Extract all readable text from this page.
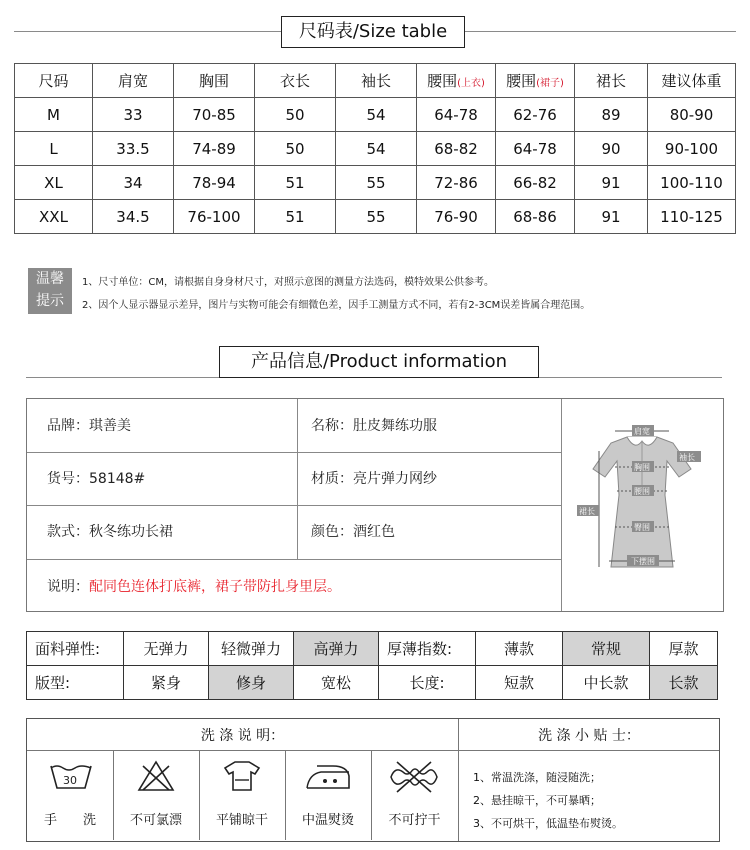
尺码表/Size table
尺码	肩宽	胸围	衣长	袖长	腰围(上衣)	腰围(裙子)	裙长	建议体重
M	33	70-85	50	54	64-78	62-76	89	80-90
L	33.5	74-89	50	54	68-82	64-78	90	90-100
XL	34	78-94	51	55	72-86	66-82	91	100-110
XXL	34.5	76-100	51	55	76-90	68-86	91	110-125
温馨
提示
1、尺寸单位：CM，请根据自身身材尺寸，对照示意图的测量方法选码，模特效果公供参考。
2、因个人显示器显示差异，图片与实物可能会有细微色差，因手工测量方式不同，若有2-3CM误差皆属合理范围。
产品信息/Product information
品牌：琪善美	名称：肚皮舞练功服
货号：58148#	材质：亮片弹力网纱
款式：秋冬练功长裙	颜色：酒红色
说明：配同色连体打底裤，裙子带防扎身里层。
肩宽
胸围
袖长
腰围
裙长
臀围
下摆围
面料弹性:	无弹力	轻微弹力	高弹力	厚薄指数:	薄款	常规	厚款
版型:	紧身	修身	宽松	长度:	短款	中长款	长款
洗 涤 说 明：	洗 涤 小 贴 士：
30
手　　洗	不可氯漂	平铺晾干	中温熨烫	不可拧干
1、常温洗涤，随浸随洗；
2、悬挂晾干，不可暴晒；
3、不可烘干，低温垫布熨烫。
